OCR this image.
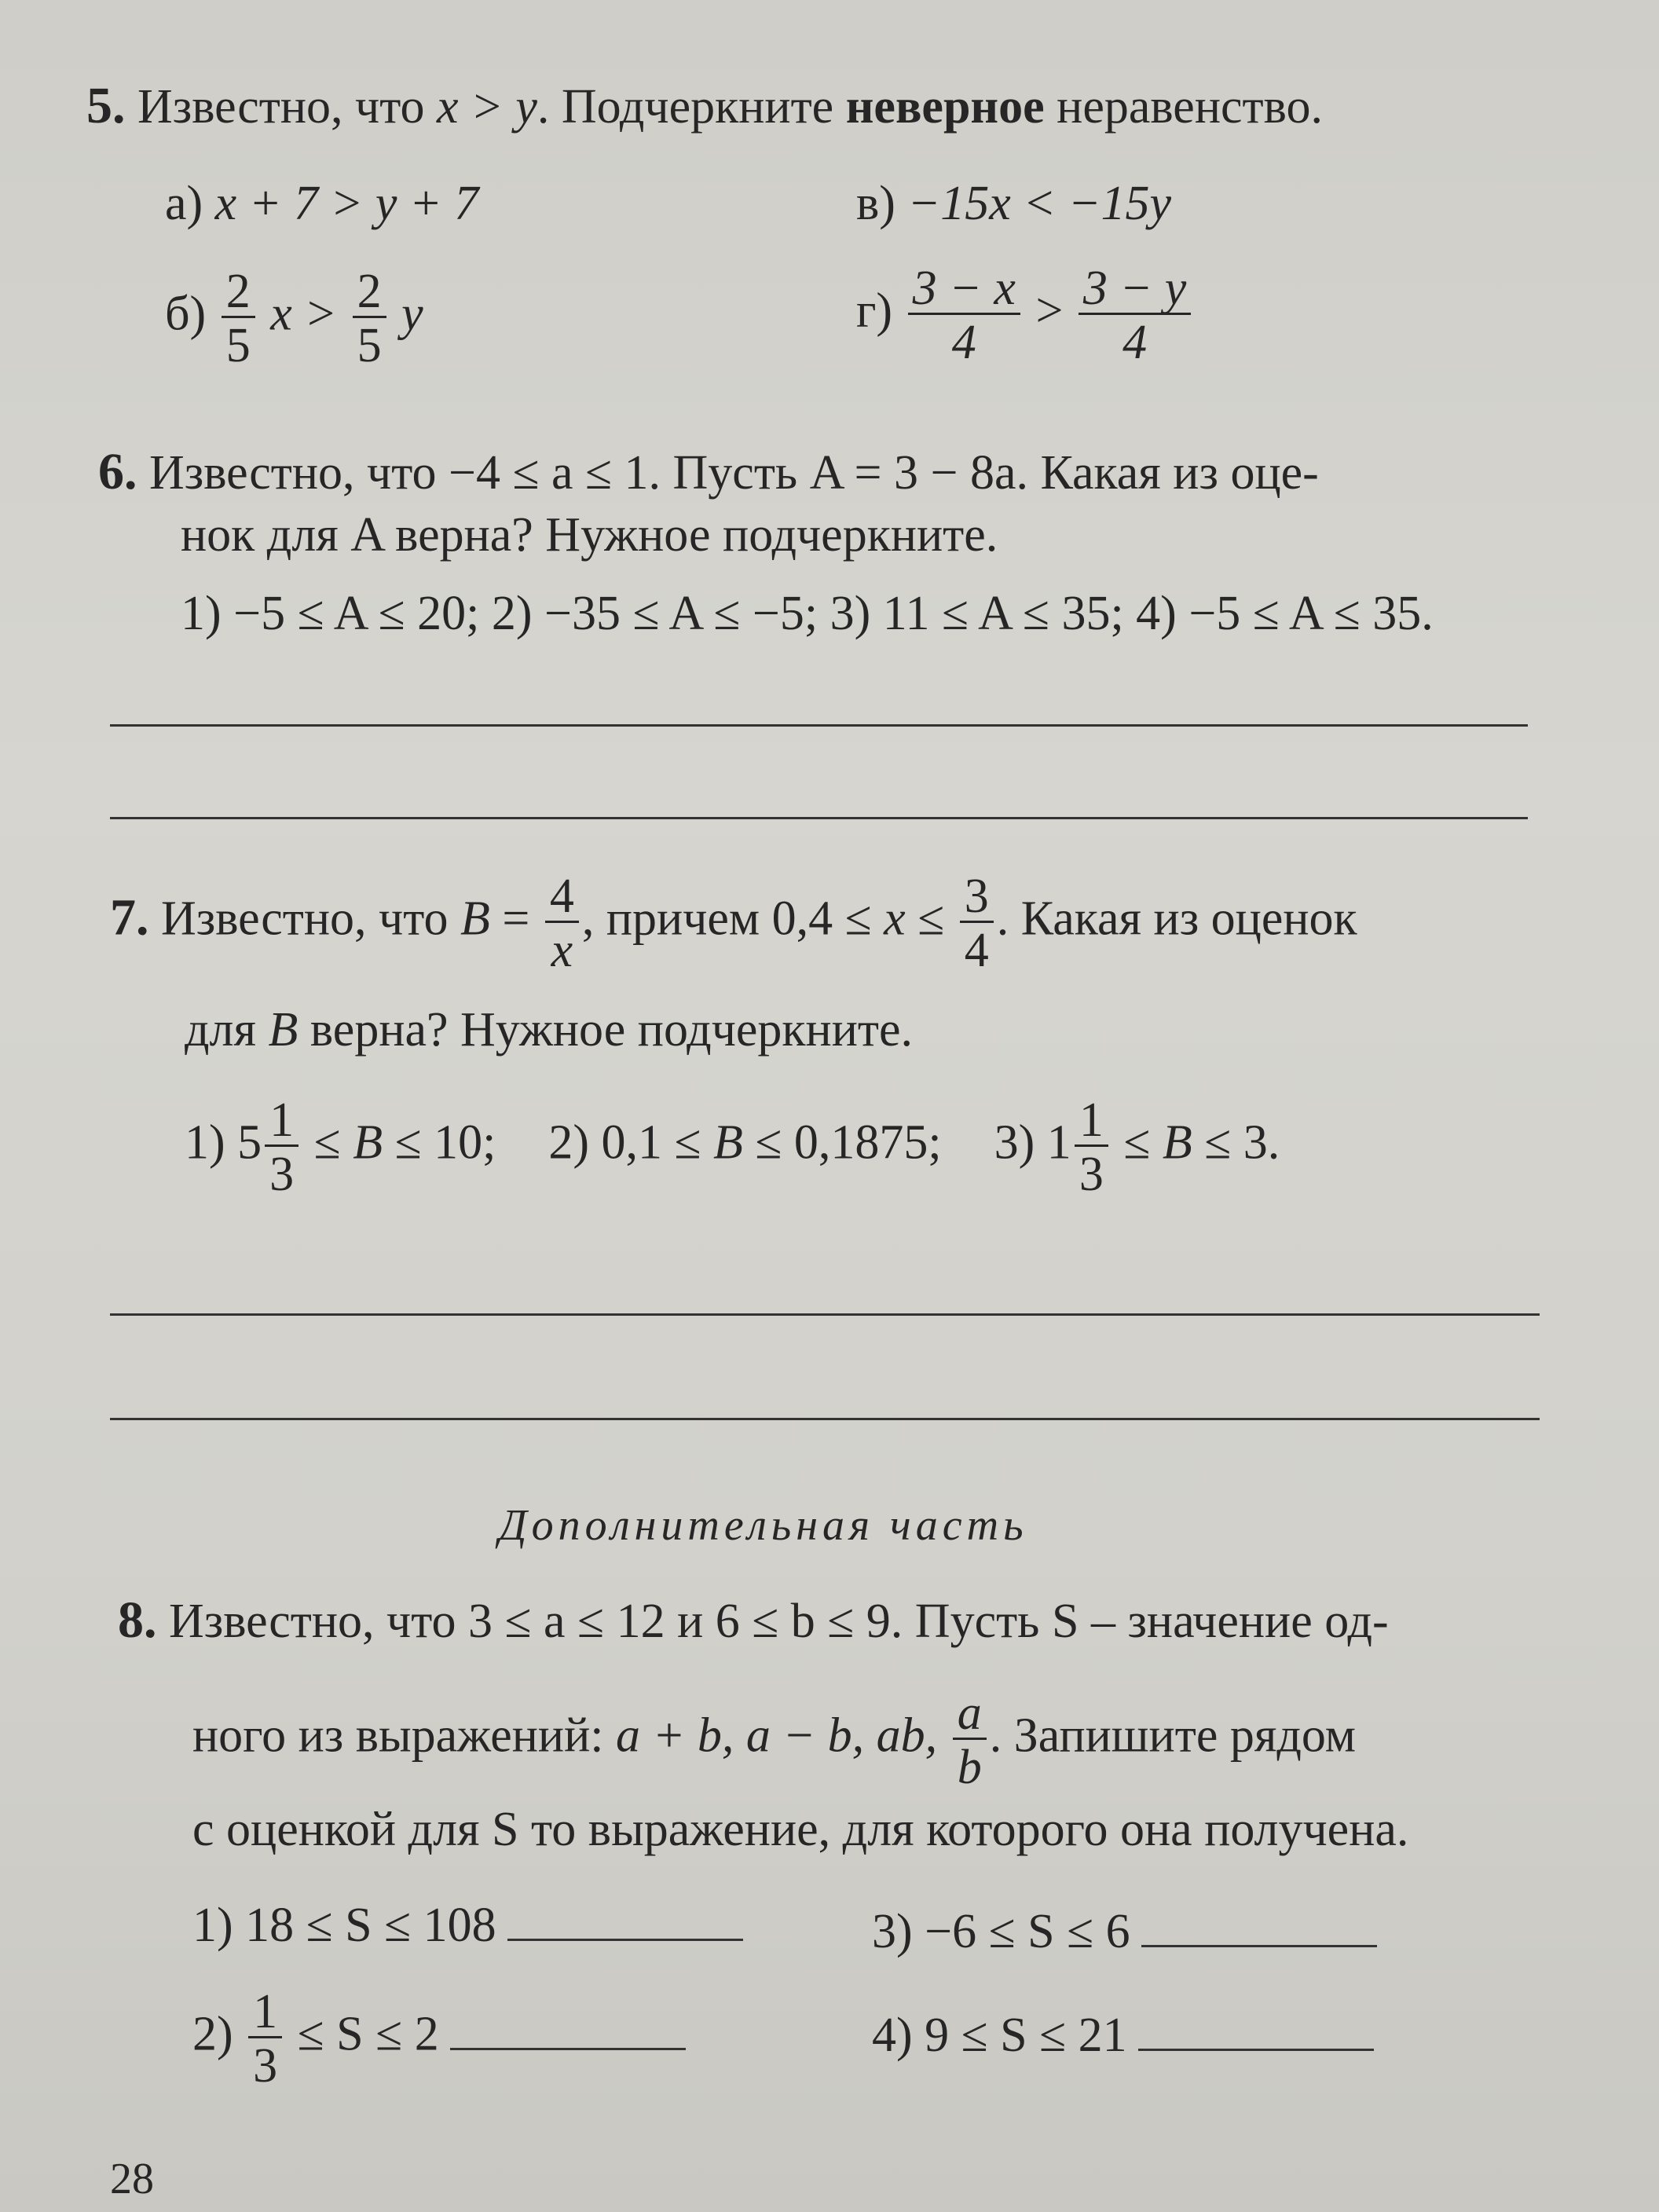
5. Известно, что x > y. Подчеркните неверное неравенство.
а) x + 7 > y + 7	в) −15x < −15y
$б) \frac{2}{5}$ $x > \frac{2}{5}$ y	$г) \frac{3 - x}{4} > \frac{3 - y}{4}$
6. Известно, что −4 ≤ a ≤ 1. Пусть A = 3 − 8a. Какая из оце-
нок для A верна? Нужное подчеркните.
1) −5 ≤ A ≤ 20; 2) −35 ≤ A ≤ −5; 3) 11 ≤ A ≤ 35; 4) −5 ≤ A ≤ 35.
7. Известно, что $B = \frac{4}{x}$ , причем $0,4 \le x \le \frac{3}{4}$ . Какая из оценок
для B верна? Нужное подчеркните.
1) $5 \frac{1}{3} \le B \le 10$; 2) 0,1 ≤ B ≤ 0,1875; 3) $1 \frac{1}{3} \le B \le 3$.
Дополнительная часть
8. Известно, что 3 ≤ a ≤ 12 и 6 ≤ b ≤ 9. Пусть S – значение од-
ного из выражений: a + b, a − b, ab, $\frac{a}{b}$ . Запишите рядом
с оценкой для S то выражение, для которого она получена.
1) 18 ≤ S ≤ 108	3) −6 ≤ S ≤ 6
$2) \frac{1}{3} \le S \le 2$	4) 9 ≤ S ≤ 21
28
